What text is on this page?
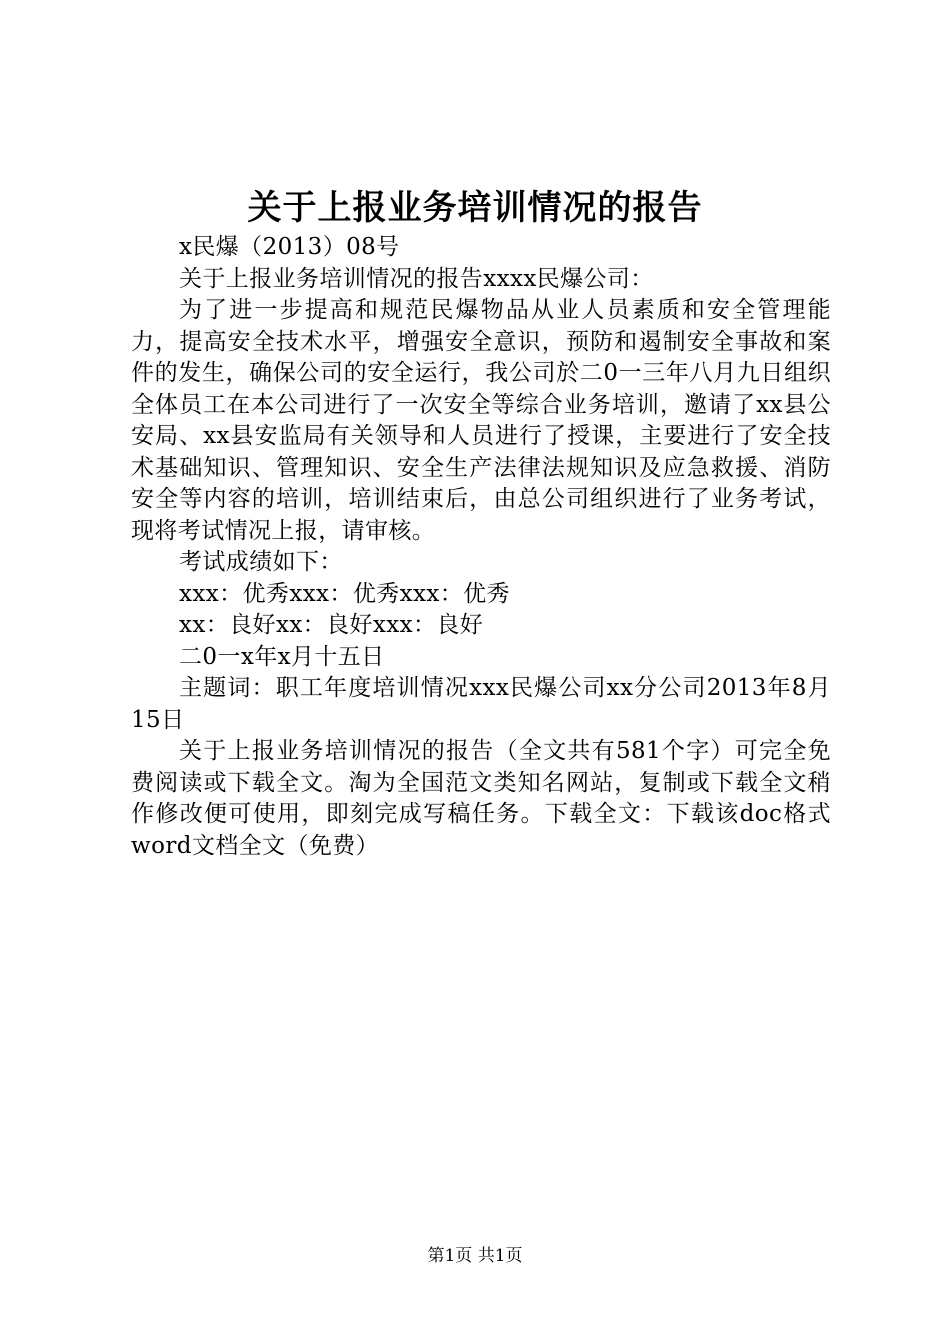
关于上报业务培训情况的报告

x民爆（2013）08号

关于上报业务培训情况的报告xxxx民爆公司：

为了进一步提高和规范民爆物品从业人员素质和安全管理能力，提高安全技术水平，增强安全意识，预防和遏制安全事故和案件的发生，确保公司的安全运行，我公司於二0一三年八月九日组织全体员工在本公司进行了一次安全等综合业务培训，邀请了xx县公安局、xx县安监局有关领导和人员进行了授课，主要进行了安全技术基础知识、管理知识、安全生产法律法规知识及应急救援、消防安全等内容的培训，培训结束后，由总公司组织进行了业务考试，现将考试情况上报，请审核。

考试成绩如下：

xxx：优秀xxx：优秀xxx：优秀

xx：良好xx：良好xxx：良好

二0一x年x月十五日

主题词：职工年度培训情况xxx民爆公司xx分公司2013年8月15日

关于上报业务培训情况的报告（全文共有581个字）可完全免费阅读或下载全文。淘为全国范文类知名网站，复制或下载全文稍作修改便可使用，即刻完成写稿任务。下载全文：下载该doc格式word文档全文（免费）

第1页 共1页
